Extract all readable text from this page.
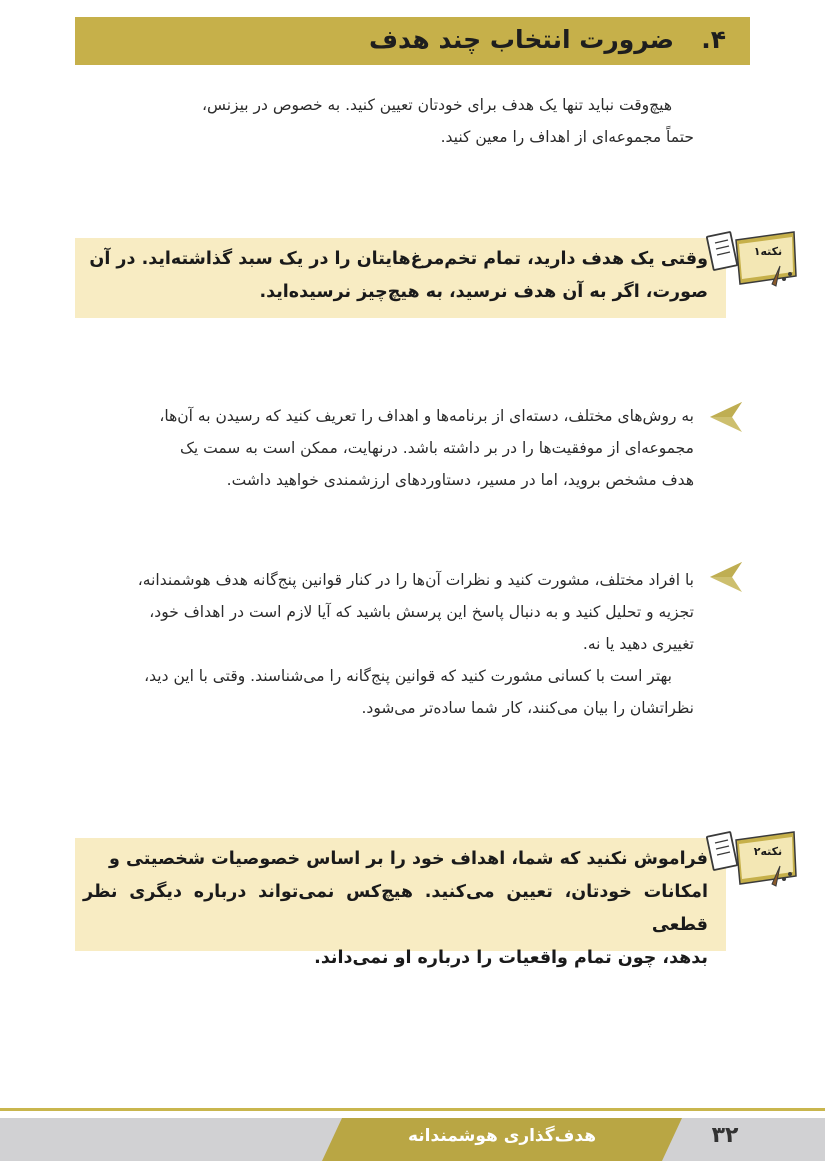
۴.
ضرورت انتخاب چند هدف

هیچ‌وقت نباید تنها یک هدف برای خودتان تعیین کنید. به خصوص در بیزنس،

حتماً مجموعه‌ای از اهداف را معین کنید.

وقتی یک هدف دارید، تمام تخم‌مرغ‌هایتان را در یک سبد گذاشته‌اید. در آن
صورت، اگر به آن هدف نرسید، به هیچ‌چیز نرسیده‌اید.
نکته۱

به روش‌های مختلف، دسته‌ای از برنامه‌ها و اهداف را تعریف کنید که رسیدن به آن‌ها،

مجموعه‌ای از موفقیت‌ها را در بر داشته باشد. درنهایت، ممکن است به سمت یک

هدف مشخص بروید، اما در مسیر، دستاوردهای ارزشمندی خواهید داشت.

با افراد مختلف، مشورت کنید و نظرات آن‌ها را در کنار قوانین پنج‌گانه هدف هوشمندانه،

تجزیه و تحلیل کنید و به دنبال پاسخ این پرسش باشید که آیا لازم است در اهداف خود،

تغییری دهید یا نه.

بهتر است با کسانی مشورت کنید که قوانین پنج‌گانه را می‌شناسند. وقتی با این دید،

نظراتشان را بیان می‌کنند، کار شما ساده‌تر می‌شود.

فراموش نکنید که شما، اهداف خود را بر اساس خصوصیات شخصیتی و
امکانات خودتان، تعیین می‌کنید. هیچ‌کس نمی‌تواند درباره دیگری نظر قطعی
بدهد، چون تمام واقعیات را درباره او نمی‌داند.
نکته۲
هدف‌گذاری هوشمندانه	۳۲
